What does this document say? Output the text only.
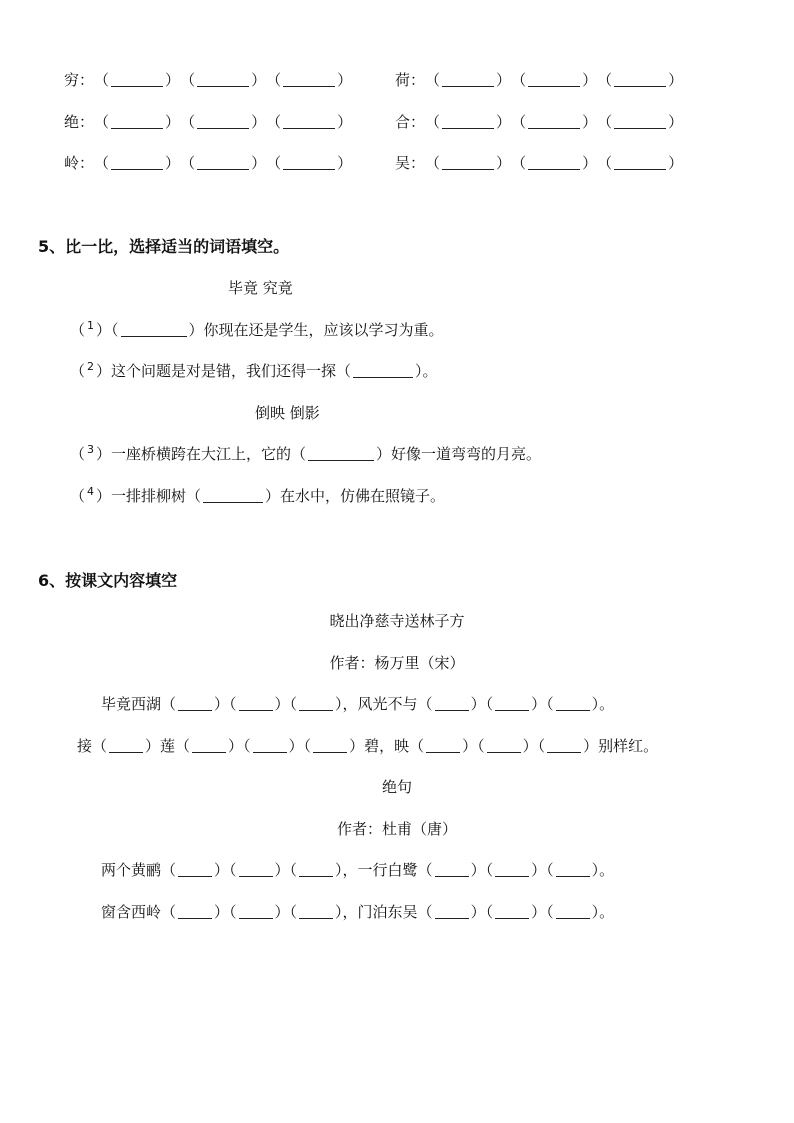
穷 ： （	） （	） （	）	荷 ： （	） （	） （	）
绝 ： （	） （	） （	）	合 ： （	） （	） （	）
岭 ： （	） （	） （	）	吴 ： （	） （	） （	）
5、比一比，选择适当的词语填空。
毕竟 究竟
（ 1 ）（	）你现在还是学生，应该以学习为重。
（ 2 ）这个问题是对是错，我们还得一探（	）。
倒映 倒影
（ 3 ）一座桥横跨在大江上，它的（	）好像一道弯弯的月亮。
（ 4 ）一排排柳树（	）在水中，仿佛在照镜子。
6、按课文内容填空
晓出净慈寺送林子方
作者：杨万里（宋）
毕竟西湖（	）（	）（	），风光不与（	）（	）（	）。
接（	）莲（	）（	）（	）碧，映（	）（	）（	）别样红。
绝句
作者：杜甫（唐）
两个黄鹂（	）（	）（	），一行白鹭（	）（	）（	）。
窗含西岭（	）（	）（	），门泊东吴（	）（	）（	）。
